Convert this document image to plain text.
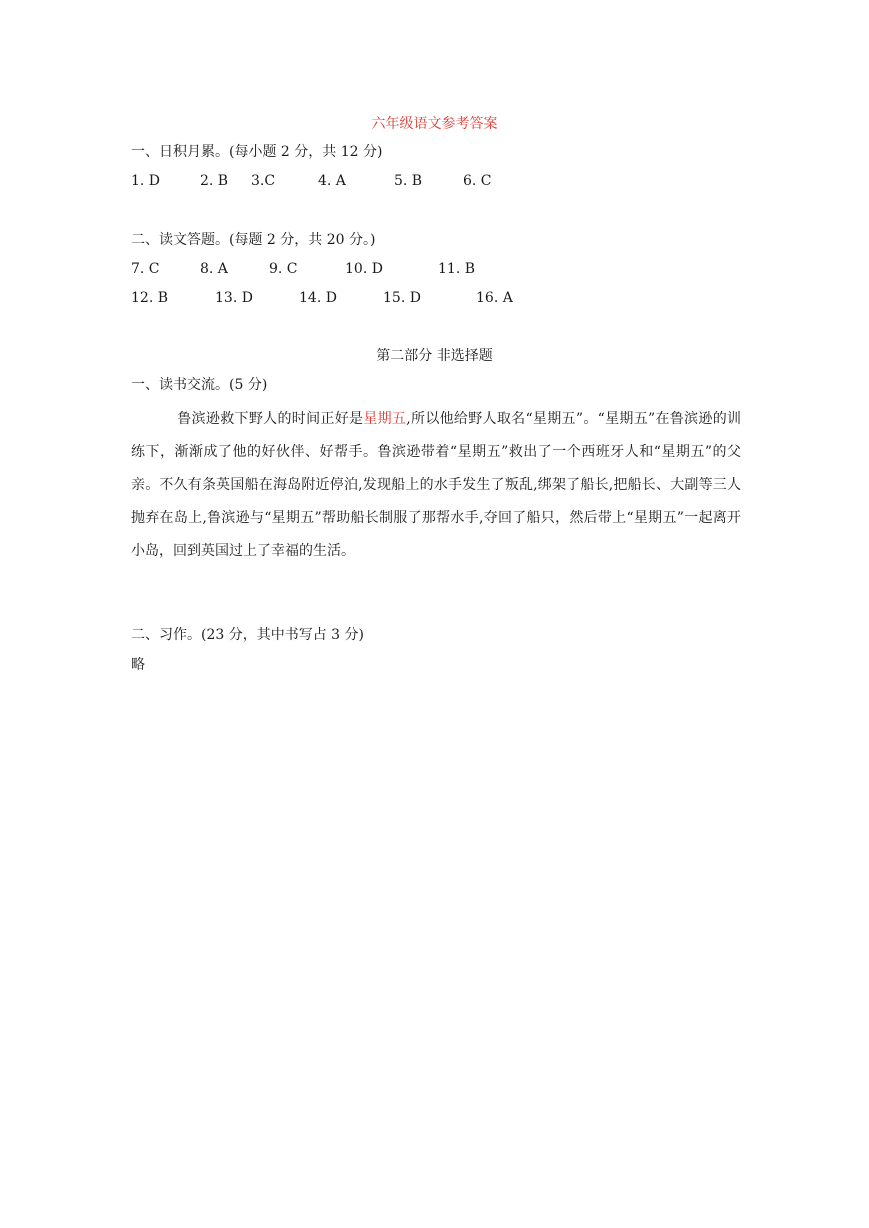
六年级语文参考答案
一、日积月累。(每小题 2 分，共 12 分)
1. D	2. B 3.C	4. A	5. B	6. C
二、读文答题。(每题 2 分，共 20 分。)
7. C	8. A	9. C	10. D	11. B
12. B	13. D	14. D	15. D	16. A
第二部分 非选择题
一、读书交流。(5 分)
鲁滨逊救下野人的时间正好是星期五,所以他给野人取名“星期五”。“星期五”在鲁滨逊的训练下，渐渐成了他的好伙伴、好帮手。鲁滨逊带着“星期五”救出了一个西班牙人和“星期五”的父亲。不久有条英国船在海岛附近停泊,发现船上的水手发生了叛乱,绑架了船长,把船长、大副等三人抛弃在岛上,鲁滨逊与“星期五”帮助船长制服了那帮水手,夺回了船只，然后带上“星期五”一起离开小岛，回到英国过上了幸福的生活。
二、习作。(23 分，其中书写占 3 分)
略
